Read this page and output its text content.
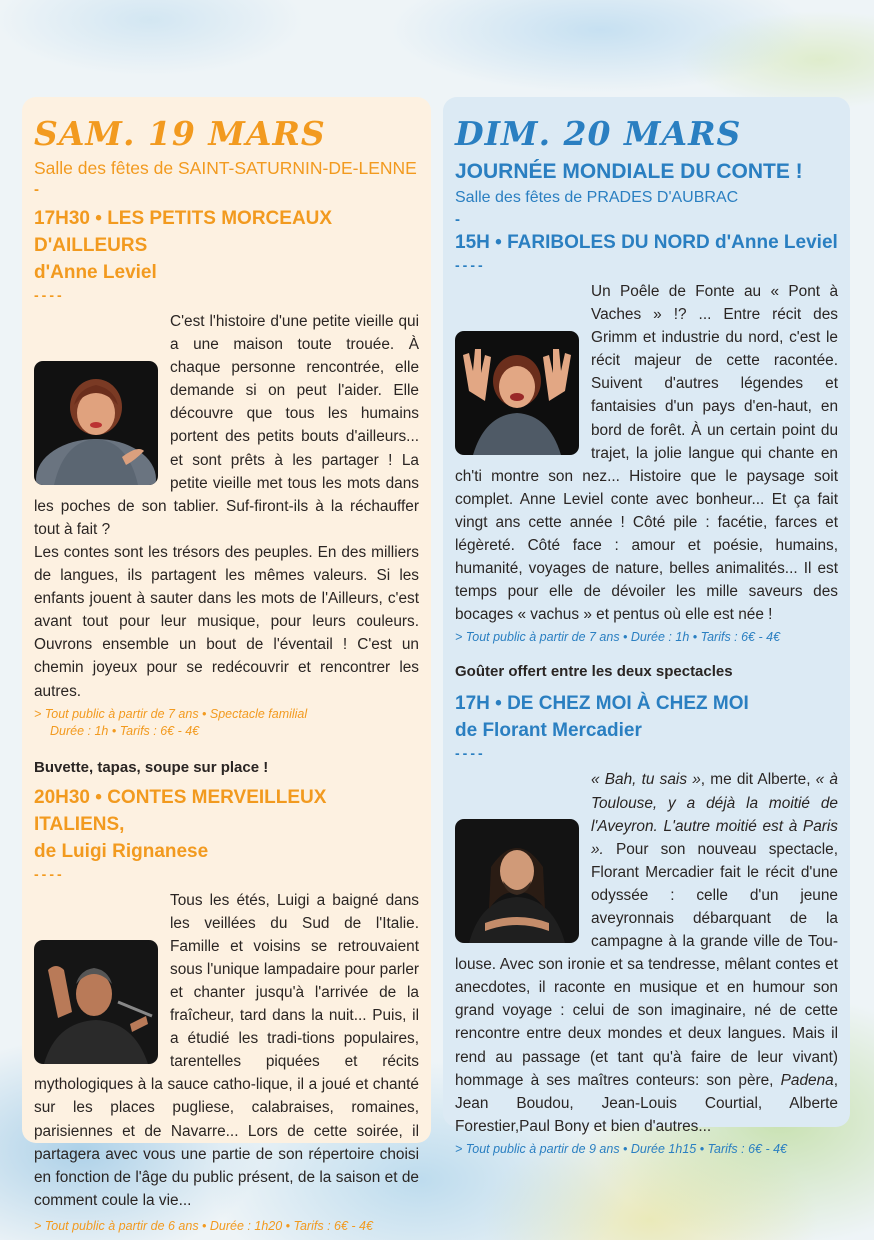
SAM. 19 MARS

Salle des fêtes de SAINT-SATURNIN-DE-LENNE

-

17H30 • LES PETITS MORCEAUX D'AILLEURS
d'Anne Leviel

----

C'est l'histoire d'une petite vieille qui a une maison toute trouée. À chaque personne rencontrée, elle demande si on peut l'aider. Elle découvre que tous les humains portent des petits bouts d'ailleurs... et sont prêts à les partager ! La petite vieille met tous les mots dans les poches de son tablier. Suf-firont-ils à la réchauffer tout à fait ?

Les contes sont les trésors des peuples. En des milliers de langues, ils partagent les mêmes valeurs. Si les enfants jouent à sauter dans les mots de l'Ailleurs, c'est avant tout pour leur musique, pour leurs couleurs. Ouvrons ensemble un bout de l'éventail ! C'est un chemin joyeux pour se redécouvrir et rencontrer les autres.

> Tout public à partir de 7 ans • Spectacle familial

Durée : 1h • Tarifs : 6€ - 4€

Buvette, tapas, soupe sur place !

20H30 • CONTES MERVEILLEUX ITALIENS,
de Luigi Rignanese

----

Tous les étés, Luigi a baigné dans les veillées du Sud de l'Italie. Famille et voisins se retrouvaient sous l'unique lampadaire pour parler et chanter jusqu'à l'arrivée de la fraîcheur, tard dans la nuit... Puis, il a étudié les tradi-tions populaires, tarentelles piquées et récits mythologiques à la sauce catho-lique, il a joué et chanté sur les places pugliese, calabraises, romaines, parisiennes et de Navarre... Lors de cette soirée, il partagera avec vous une partie de son répertoire choisi en fonction de l'âge du public présent, de la saison et de comment coule la vie...

> Tout public à partir de 6 ans • Durée : 1h20 • Tarifs : 6€ - 4€

DIM. 20 MARS

JOURNÉE MONDIALE DU CONTE !

Salle des fêtes de PRADES D'AUBRAC

-

15H • FARIBOLES DU NORD d'Anne Leviel

----

Un Poêle de Fonte au « Pont à Vaches » !? ... Entre récit des Grimm et industrie du nord, c'est le récit majeur de cette racontée. Suivent d'autres légendes et fantaisies d'un pays d'en-haut, en bord de forêt. À un certain point du trajet, la jolie langue qui chante en ch'ti montre son nez... Histoire que le paysage soit complet. Anne Leviel conte avec bonheur... Et ça fait vingt ans cette année ! Côté pile : facétie, farces et légèreté. Côté face : amour et poésie, humains, humanité, voyages de nature, belles animalités... Il est temps pour elle de dévoiler les mille saveurs des bocages « vachus » et pentus où elle est née !

> Tout public à partir de 7 ans • Durée : 1h • Tarifs : 6€ - 4€

Goûter offert entre les deux spectacles

17H • DE CHEZ MOI À CHEZ MOI
de Florant Mercadier

----

« Bah, tu sais », me dit Alberte, « à Toulouse, y a déjà la moitié de l'Aveyron. L'autre moitié est à Paris ». Pour son nouveau spectacle, Florant Mercadier fait le récit d'une odyssée : celle d'un jeune aveyronnais débarquant de la campagne à la grande ville de Tou-louse. Avec son ironie et sa tendresse, mêlant contes et anecdotes, il raconte en musique et en humour son grand voyage : celui de son imaginaire, né de cette rencontre entre deux mondes et deux langues. Mais il rend au passage (et tant qu'à faire de leur vivant) hommage à ses maîtres conteurs: son père, Padena, Jean Boudou, Jean-Louis Courtial, Alberte Forestier,Paul Bony et bien d'autres...

> Tout public à partir de 9 ans • Durée 1h15 • Tarifs : 6€ - 4€
